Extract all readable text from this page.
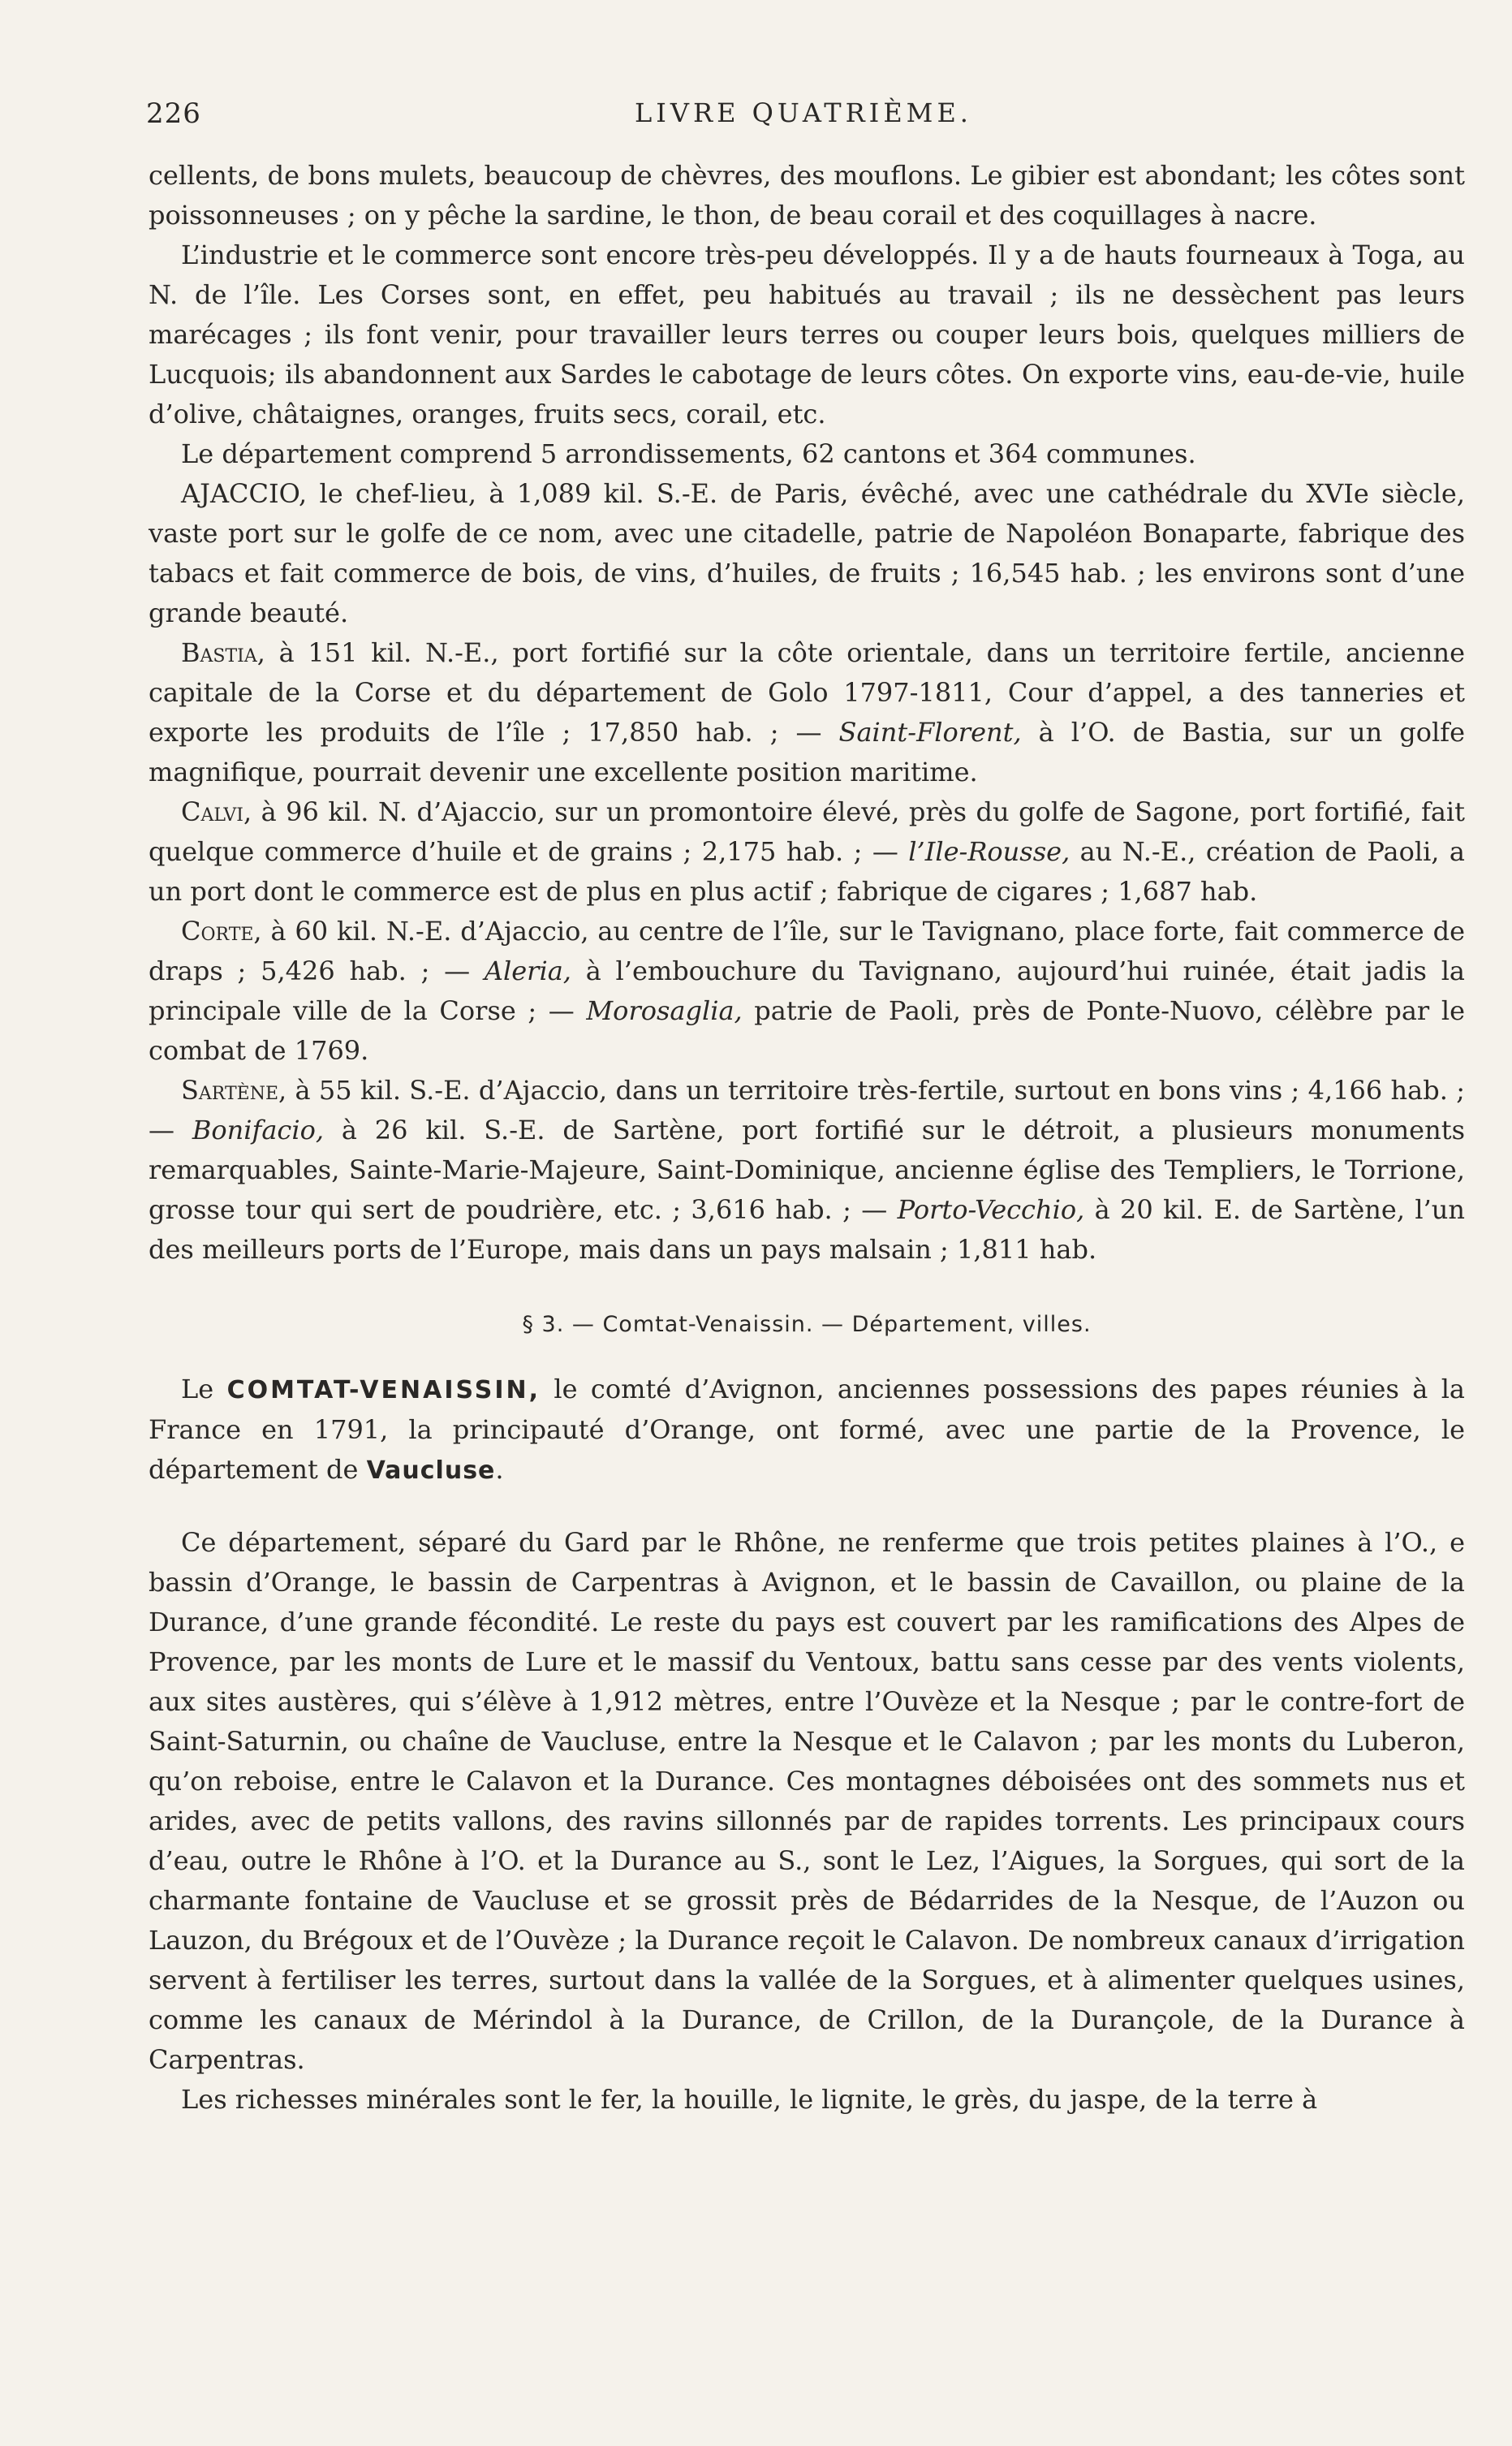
226	LIVRE QUATRIÈME.

cellents, de bons mulets, beaucoup de chèvres, des mouflons. Le gibier est abondant; les côtes sont poissonneuses ; on y pêche la sardine, le thon, de beau corail et des coquillages à nacre.

L’industrie et le commerce sont encore très-peu développés. Il y a de hauts fourneaux à Toga, au N. de l’île. Les Corses sont, en effet, peu habitués au travail ; ils ne dessèchent pas leurs marécages ; ils font venir, pour travailler leurs terres ou couper leurs bois, quelques milliers de Lucquois; ils abandonnent aux Sardes le cabotage de leurs côtes. On exporte vins, eau-de-vie, huile d’olive, châtaignes, oranges, fruits secs, corail, etc.

Le département comprend 5 arrondissements, 62 cantons et 364 communes.

AJACCIO, le chef-lieu, à 1,089 kil. S.-E. de Paris, évêché, avec une cathédrale du XVIe siècle, vaste port sur le golfe de ce nom, avec une citadelle, patrie de Napoléon Bonaparte, fabrique des tabacs et fait commerce de bois, de vins, d’huiles, de fruits ; 16,545 hab. ; les environs sont d’une grande beauté.

Bastia, à 151 kil. N.-E., port fortifié sur la côte orientale, dans un territoire fertile, ancienne capitale de la Corse et du département de Golo 1797-1811, Cour d’appel, a des tanneries et exporte les produits de l’île ; 17,850 hab. ; — Saint-Florent, à l’O. de Bastia, sur un golfe magnifique, pourrait devenir une excellente position maritime.

Calvi, à 96 kil. N. d’Ajaccio, sur un promontoire élevé, près du golfe de Sagone, port fortifié, fait quelque commerce d’huile et de grains ; 2,175 hab. ; — l’Ile-Rousse, au N.-E., création de Paoli, a un port dont le commerce est de plus en plus actif ; fabrique de cigares ; 1,687 hab.

Corte, à 60 kil. N.-E. d’Ajaccio, au centre de l’île, sur le Tavignano, place forte, fait commerce de draps ; 5,426 hab. ; — Aleria, à l’embouchure du Tavignano, aujourd’hui ruinée, était jadis la principale ville de la Corse ; — Morosaglia, patrie de Paoli, près de Ponte-Nuovo, célèbre par le combat de 1769.

Sartène, à 55 kil. S.-E. d’Ajaccio, dans un territoire très-fertile, surtout en bons vins ; 4,166 hab. ; — Bonifacio, à 26 kil. S.-E. de Sartène, port fortifié sur le détroit, a plusieurs monuments remarquables, Sainte-Marie-Majeure, Saint-Dominique, ancienne église des Templiers, le Torrione, grosse tour qui sert de poudrière, etc. ; 3,616 hab. ; — Porto-Vecchio, à 20 kil. E. de Sartène, l’un des meilleurs ports de l’Europe, mais dans un pays malsain ; 1,811 hab.

§ 3. — Comtat-Venaissin. — Département, villes.

Le COMTAT-VENAISSIN, le comté d’Avignon, anciennes possessions des papes réunies à la France en 1791, la principauté d’Orange, ont formé, avec une partie de la Provence, le département de Vaucluse.

Ce département, séparé du Gard par le Rhône, ne renferme que trois petites plaines à l’O., e bassin d’Orange, le bassin de Carpentras à Avignon, et le bassin de Cavaillon, ou plaine de la Durance, d’une grande fécondité. Le reste du pays est couvert par les ramifications des Alpes de Provence, par les monts de Lure et le massif du Ventoux, battu sans cesse par des vents violents, aux sites austères, qui s’élève à 1,912 mètres, entre l’Ouvèze et la Nesque ; par le contre-fort de Saint-Saturnin, ou chaîne de Vaucluse, entre la Nesque et le Calavon ; par les monts du Luberon, qu’on reboise, entre le Calavon et la Durance. Ces montagnes déboisées ont des sommets nus et arides, avec de petits vallons, des ravins sillonnés par de rapides torrents. Les principaux cours d’eau, outre le Rhône à l’O. et la Durance au S., sont le Lez, l’Aigues, la Sorgues, qui sort de la charmante fontaine de Vaucluse et se grossit près de Bédarrides de la Nesque, de l’Auzon ou Lauzon, du Brégoux et de l’Ouvèze ; la Durance reçoit le Calavon. De nombreux canaux d’irrigation servent à fertiliser les terres, surtout dans la vallée de la Sorgues, et à alimenter quelques usines, comme les canaux de Mérindol à la Durance, de Crillon, de la Durançole, de la Durance à Carpentras.

Les richesses minérales sont le fer, la houille, le lignite, le grès, du jaspe, de la terre à
